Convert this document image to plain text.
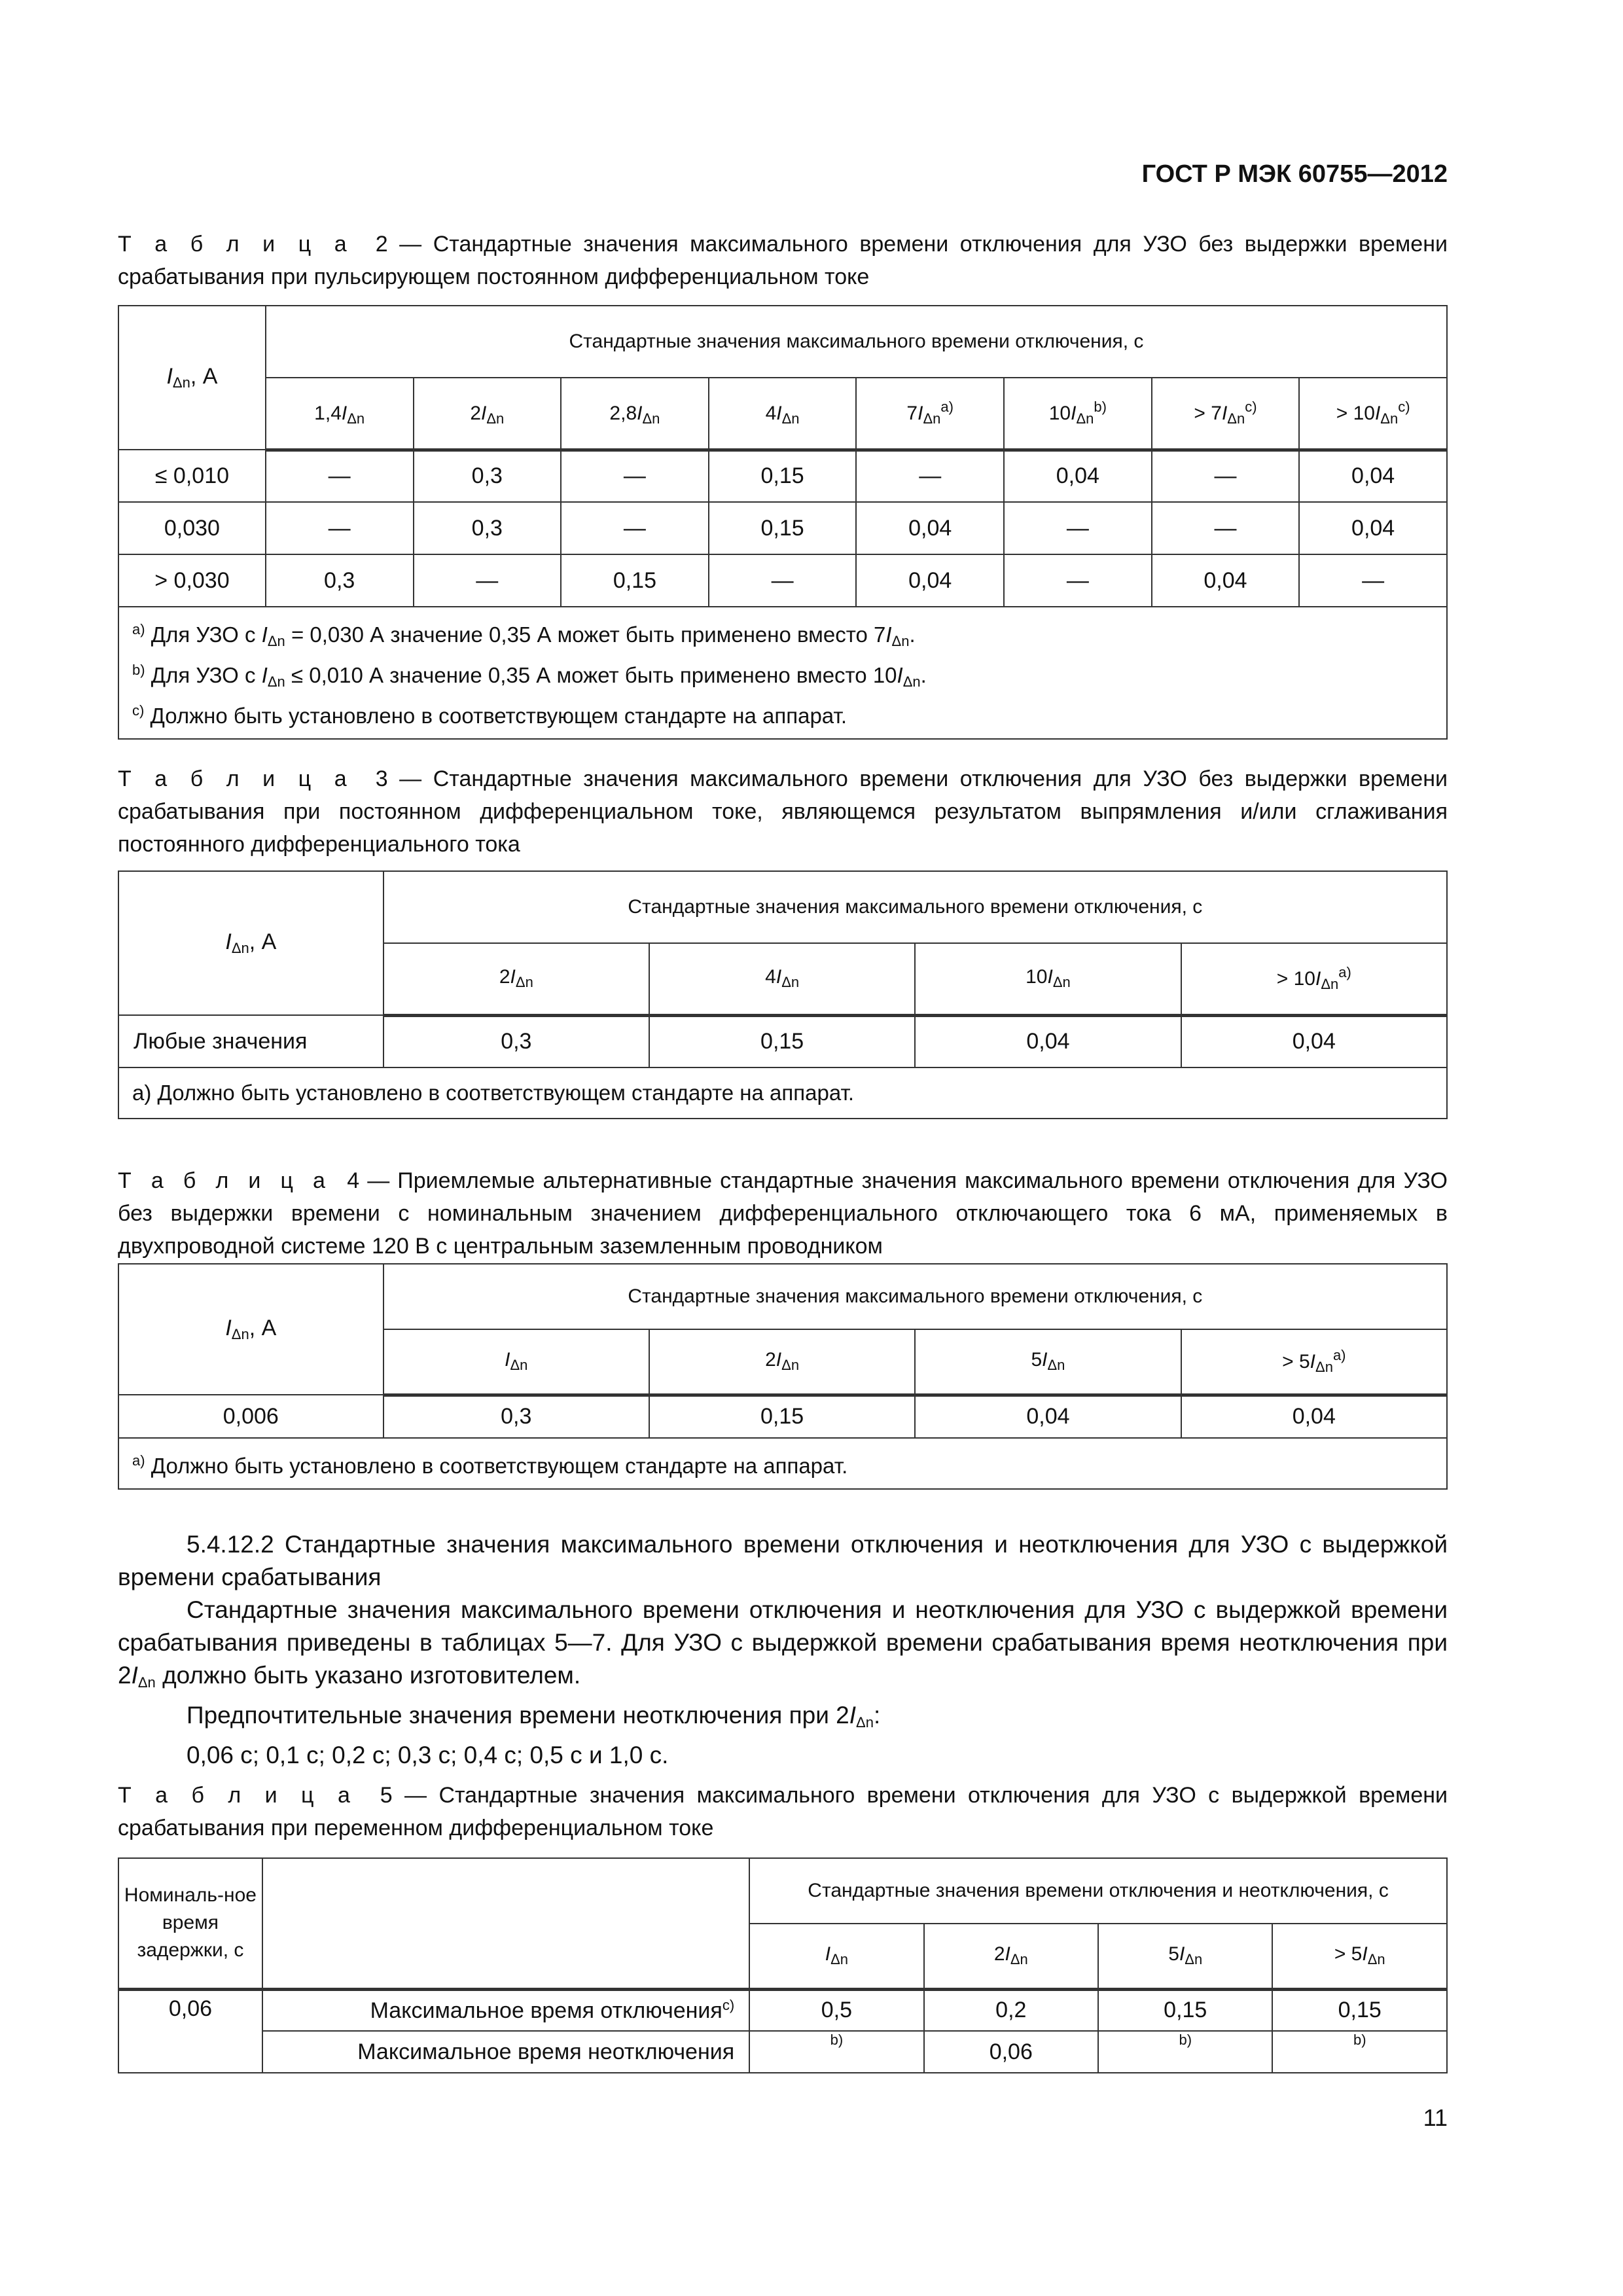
ГОСТ Р МЭК 60755—2012
Т а б л и ц а 2 — Стандартные значения максимального времени отключения для УЗО без выдержки времени срабатывания при пульсирующем постоянном дифференциальном токе
$I_{\Delta n}$, А	Стандартные значения максимального времени отключения, с							
	$1,4I_{\Delta n}$	$2I_{\Delta n}$	$2,8I_{\Delta n}$	$4I_{\Delta n}$	$7I_{\Delta n}^{a)}$	$10I_{\Delta n}^{b)}$	> $7I_{\Delta n}^{c)}$	> $10I_{\Delta n}^{c)}$
≤ 0,010	—	0,3	—	0,15	—	0,04	—	0,04
0,030	—	0,3	—	0,15	0,04	—	—	0,04
> 0,030	0,3	—	0,15	—	0,04	—	0,04	—

$^{a)}$ Для УЗО с $I_{\Delta n} = 0,030$ А значение 0,35 А может быть применено вместо $7I_{\Delta n}$.
$^{b)}$ Для УЗО с $I_{\Delta n} \le 0,010$ А значение 0,35 А может быть применено вместо $10I_{\Delta n}$.
$^{c)}$ Должно быть установлено в соответствующем стандарте на аппарат.								
Т а б л и ц а 3 — Стандартные значения максимального времени отключения для УЗО без выдержки времени срабатывания при постоянном дифференциальном токе, являющемся результатом выпрямления и/или сглаживания постоянного дифференциального тока
$I_{\Delta n}$, А	Стандартные значения максимального времени отключения, с			
	$2I_{\Delta n}$	$4I_{\Delta n}$	$10I_{\Delta n}$	> $10I_{\Delta n}^{a)}$
Любые значения	0,3	0,15	0,04	0,04
а) Должно быть установлено в соответствующем стандарте на аппарат.				
Т а б л и ц а 4 — Приемлемые альтернативные стандартные значения максимального времени отключения для УЗО без выдержки времени с номинальным значением дифференциального отключающего тока 6 мА, применяемых в двухпроводной системе 120 В с центральным заземленным проводником
$I_{\Delta n}$, А	Стандартные значения максимального времени отключения, с			
	$I_{\Delta n}$	$2I_{\Delta n}$	$5I_{\Delta n}$	> $5I_{\Delta n}^{a)}$
0,006	0,3	0,15	0,04	0,04
$^{a)}$ Должно быть установлено в соответствующем стандарте на аппарат.				
5.4.12.2 Стандартные значения максимального времени отключения и неотключения для УЗО с выдержкой времени срабатывания
Стандартные значения максимального времени отключения и неотключения для УЗО с выдержкой времени срабатывания приведены в таблицах 5—7. Для УЗО с выдержкой времени срабатывания время неотключения при $2I_{\Delta n}$ должно быть указано изготовителем.
Предпочтительные значения времени неотключения при $2I_{\Delta n}$:
0,06 с; 0,1 с; 0,2 с; 0,3 с; 0,4 с; 0,5 с и 1,0 с.
Т а б л и ц а 5 — Стандартные значения максимального времени отключения для УЗО с выдержкой времени срабатывания при переменном дифференциальном токе
Номиналь-ное время задержки, с		Стандартные значения времени отключения и неотключения, с			
		$I_{\Delta n}$	$2I_{\Delta n}$	$5I_{\Delta n}$	> $5I_{\Delta n}$
0,06	Максимальное время отключения$^{c)}$	0,5	0,2	0,15	0,15
	Максимальное время неотключения	b)	0,06	b)	b)
11
